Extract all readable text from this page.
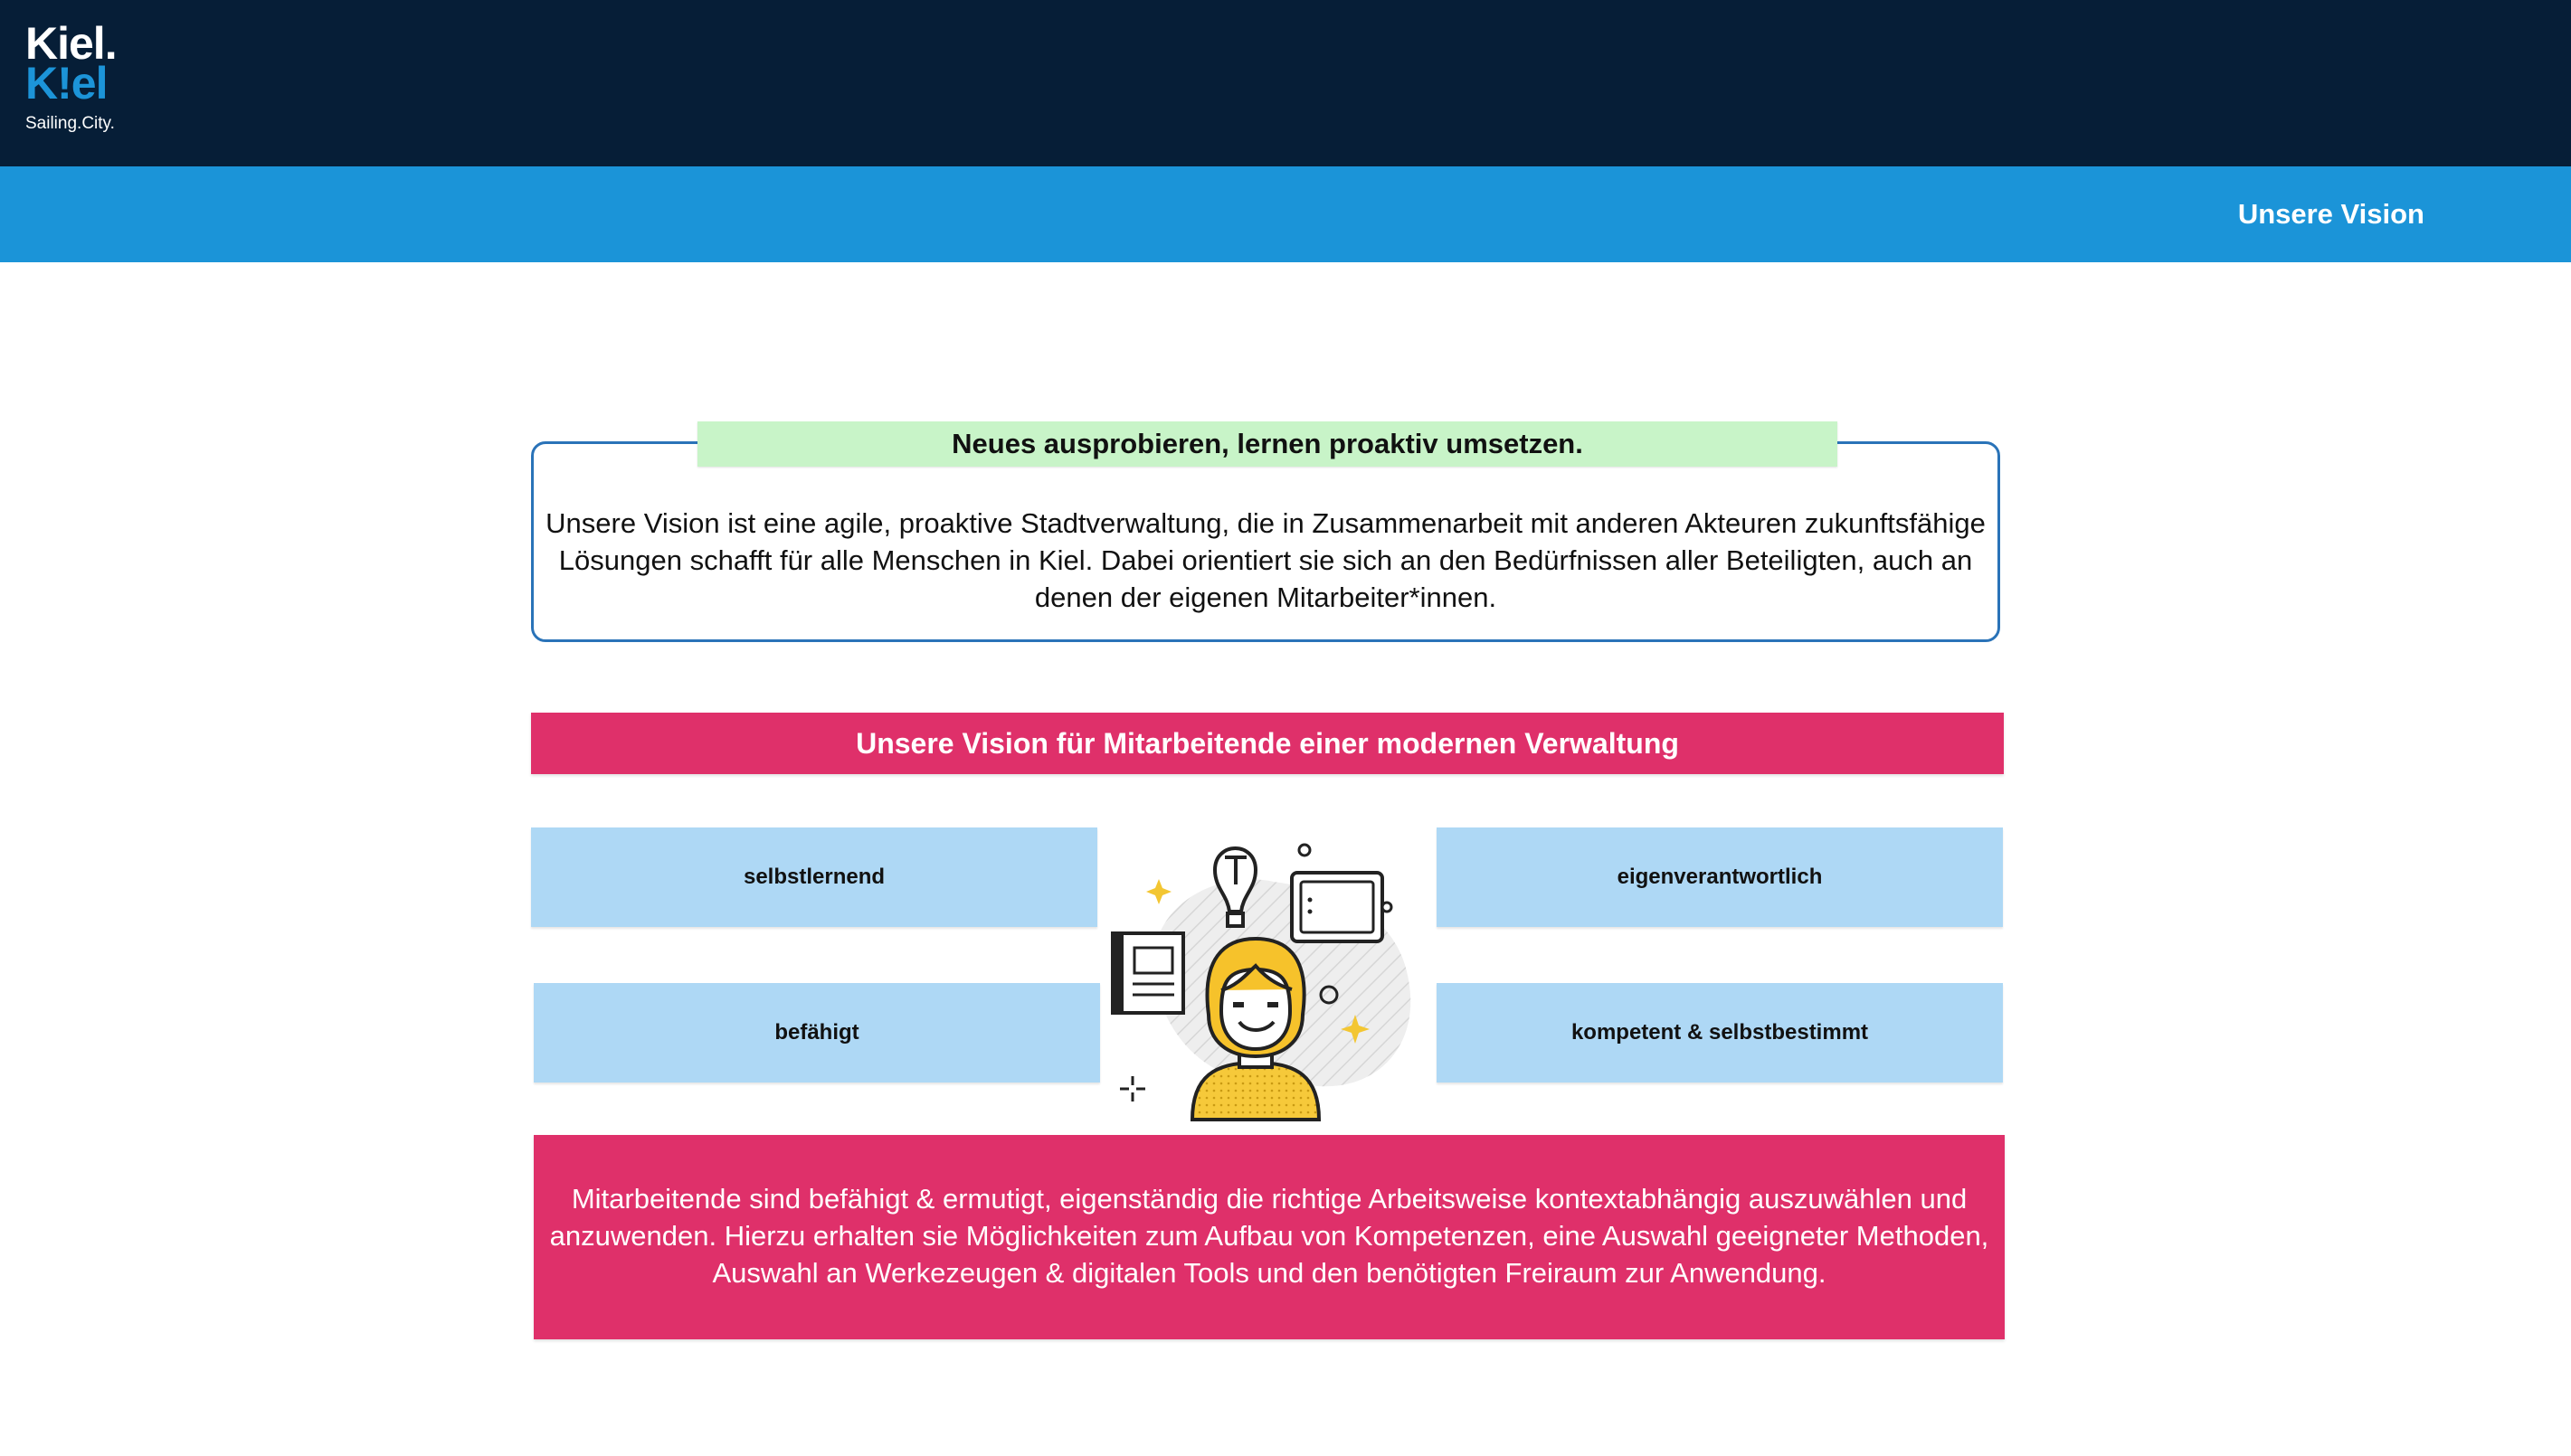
Kiel.
K!el
Sailing.City.
Unsere Vision
Neues ausprobieren, lernen proaktiv umsetzen.
Unsere Vision ist eine agile, proaktive Stadtverwaltung, die in Zusammenarbeit mit anderen Akteuren zukunftsfähige Lösungen schafft für alle Menschen in Kiel. Dabei orientiert sie sich an den Bedürfnissen aller Beteiligten, auch an denen der eigenen Mitarbeiter*innen.
Unsere Vision für Mitarbeitende einer modernen Verwaltung
selbstlernend	eigenverantwortlich
befähigt	kompetent & selbstbestimmt
Mitarbeitende sind befähigt & ermutigt, eigenständig die richtige Arbeitsweise kontextabhängig auszuwählen und anzuwenden. Hierzu erhalten sie Möglichkeiten zum Aufbau von Kompetenzen, eine Auswahl geeigneter Methoden, Auswahl an Werkezeugen & digitalen Tools und den benötigten Freiraum zur Anwendung.
